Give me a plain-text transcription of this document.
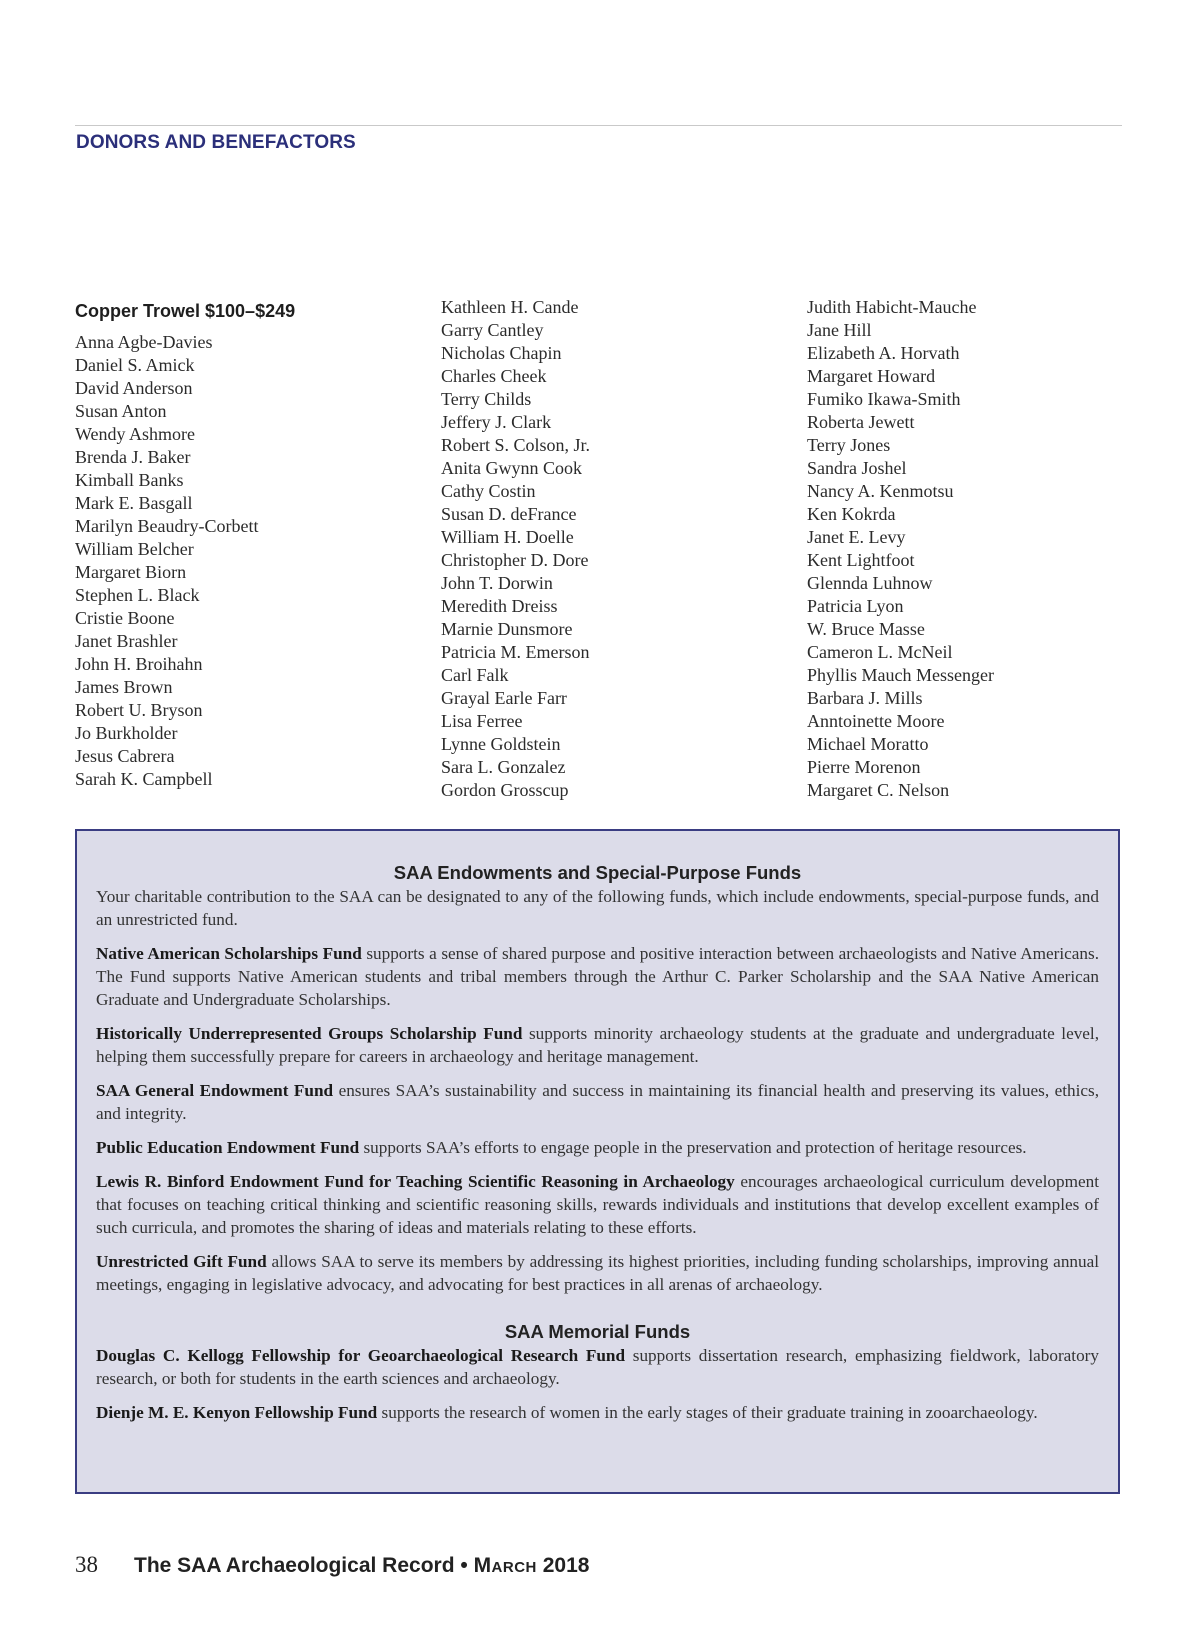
DONORS AND BENEFACTORS
Copper Trowel $100–$249
Anna Agbe-Davies
Daniel S. Amick
David Anderson
Susan Anton
Wendy Ashmore
Brenda J. Baker
Kimball Banks
Mark E. Basgall
Marilyn Beaudry-Corbett
William Belcher
Margaret Biorn
Stephen L. Black
Cristie Boone
Janet Brashler
John H. Broihahn
James Brown
Robert U. Bryson
Jo Burkholder
Jesus Cabrera
Sarah K. Campbell
Kathleen H. Cande
Garry Cantley
Nicholas Chapin
Charles Cheek
Terry Childs
Jeffery J. Clark
Robert S. Colson, Jr.
Anita Gwynn Cook
Cathy Costin
Susan D. deFrance
William H. Doelle
Christopher D. Dore
John T. Dorwin
Meredith Dreiss
Marnie Dunsmore
Patricia M. Emerson
Carl Falk
Grayal Earle Farr
Lisa Ferree
Lynne Goldstein
Sara L. Gonzalez
Gordon Grosscup
Judith Habicht-Mauche
Jane Hill
Elizabeth A. Horvath
Margaret Howard
Fumiko Ikawa-Smith
Roberta Jewett
Terry Jones
Sandra Joshel
Nancy A. Kenmotsu
Ken Kokrda
Janet E. Levy
Kent Lightfoot
Glennda Luhnow
Patricia Lyon
W. Bruce Masse
Cameron L. McNeil
Phyllis Mauch Messenger
Barbara J. Mills
Anntoinette Moore
Michael Moratto
Pierre Morenon
Margaret C. Nelson
SAA Endowments and Special-Purpose Funds

Your charitable contribution to the SAA can be designated to any of the following funds, which include endowments, special-purpose funds, and an unrestricted fund.

Native American Scholarships Fund supports a sense of shared purpose and positive interaction between archaeologists and Native Americans. The Fund supports Native American students and tribal members through the Arthur C. Parker Scholarship and the SAA Native American Graduate and Undergraduate Scholarships.

Historically Underrepresented Groups Scholarship Fund supports minority archaeology students at the graduate and undergraduate level, helping them successfully prepare for careers in archaeology and heritage management.

SAA General Endowment Fund ensures SAA’s sustainability and success in maintaining its financial health and preserving its values, ethics, and integrity.

Public Education Endowment Fund supports SAA’s efforts to engage people in the preservation and protection of heritage resources.

Lewis R. Binford Endowment Fund for Teaching Scientific Reasoning in Archaeology encourages archaeological curriculum development that focuses on teaching critical thinking and scientific reasoning skills, rewards individuals and institutions that develop excellent examples of such curricula, and promotes the sharing of ideas and materials relating to these efforts.

Unrestricted Gift Fund allows SAA to serve its members by addressing its highest priorities, including funding scholarships, improving annual meetings, engaging in legislative advocacy, and advocating for best practices in all arenas of archaeology.

SAA Memorial Funds

Douglas C. Kellogg Fellowship for Geoarchaeological Research Fund supports dissertation research, emphasizing fieldwork, laboratory research, or both for students in the earth sciences and archaeology.

Dienje M. E. Kenyon Fellowship Fund supports the research of women in the early stages of their graduate training in zooarchaeology.

38 The SAA Archaeological Record • March 2018
